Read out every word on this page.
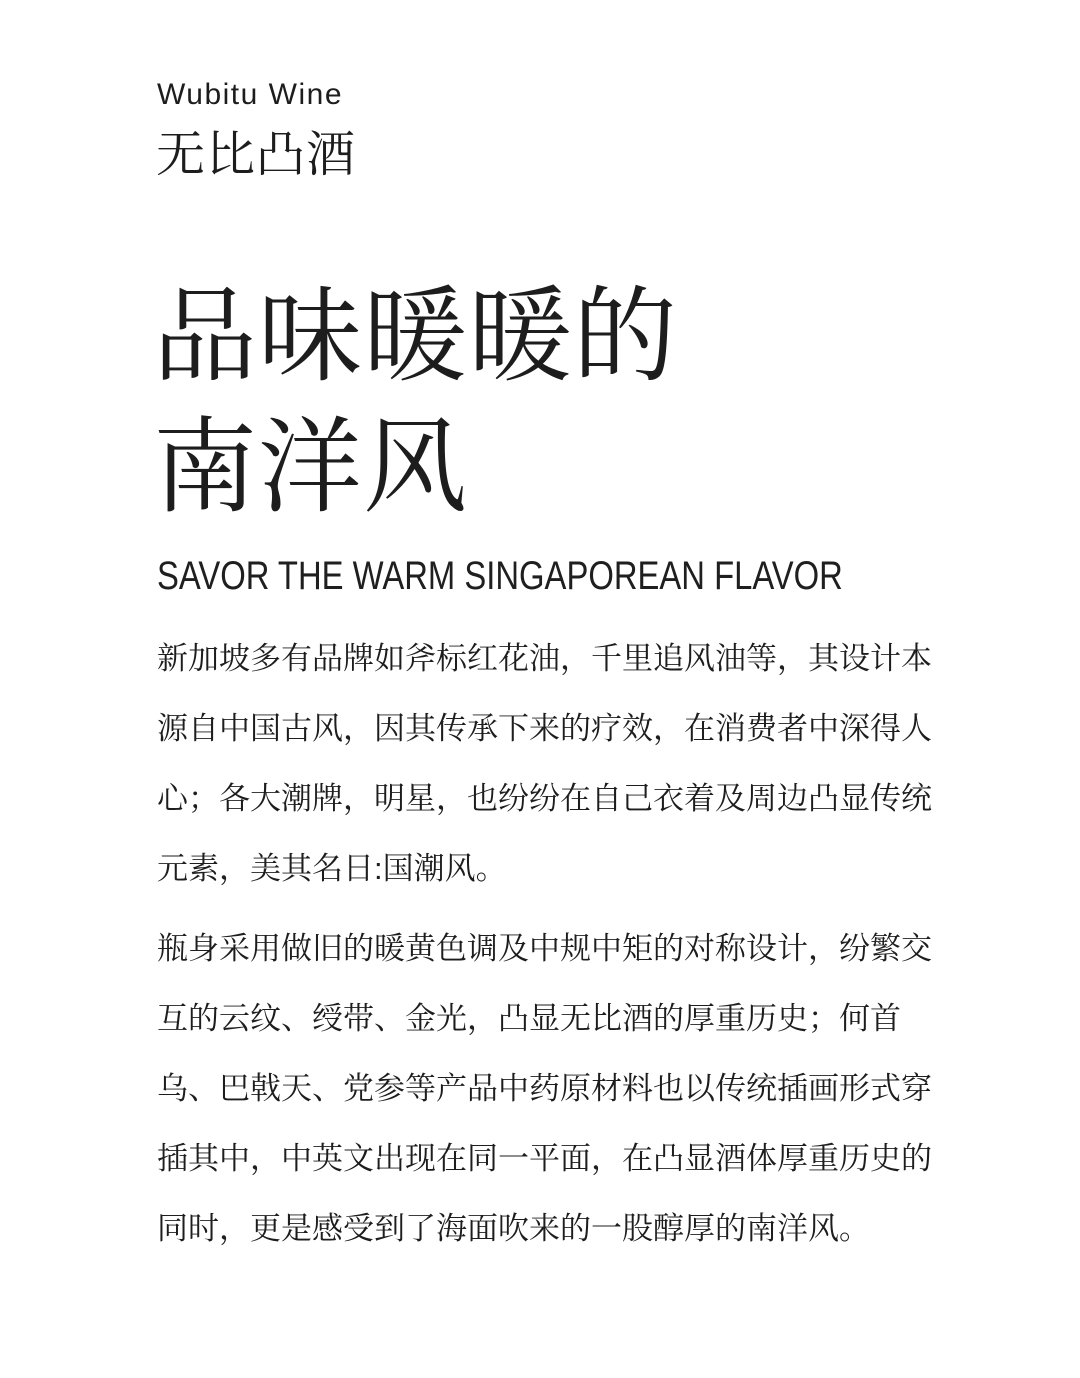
Wubitu Wine
无比凸酒
品味暖暖的
南洋风
SAVOR THE WARM SINGAPOREAN FLAVOR

新加坡多有品牌如斧标红花油，千里追风油等，其设计本
源自中国古风，因其传承下来的疗效，在消费者中深得人
心；各大潮牌，明星，也纷纷在自己衣着及周边凸显传统
元素，美其名日:国潮风。

瓶身采用做旧的暖黄色调及中规中矩的对称设计，纷繁交
互的云纹、绶带、金光，凸显无比酒的厚重历史；何首
乌、巴戟天、党参等产品中药原材料也以传统插画形式穿
插其中，中英文出现在同一平面，在凸显酒体厚重历史的
同时，更是感受到了海面吹来的一股醇厚的南洋风。
